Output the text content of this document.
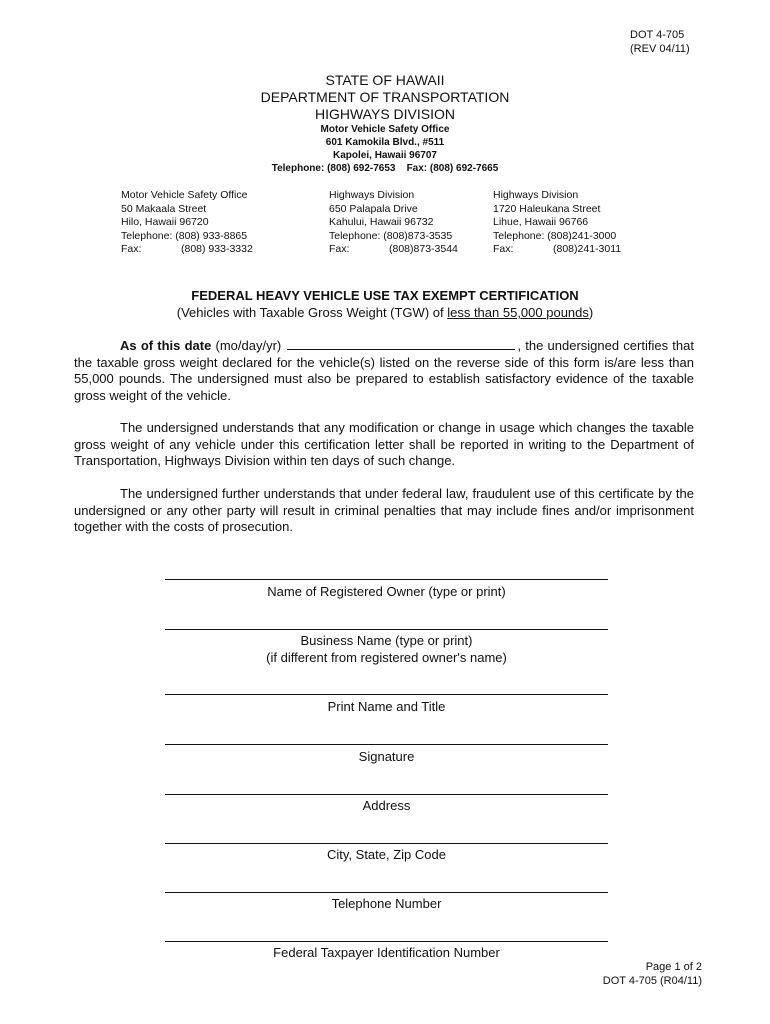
DOT 4-705
(REV 04/11)
STATE OF HAWAII
DEPARTMENT OF TRANSPORTATION
HIGHWAYS DIVISION
Motor Vehicle Safety Office
601 Kamokila Blvd., #511
Kapolei, Hawaii 96707
Telephone: (808) 692-7653    Fax: (808) 692-7665
Motor Vehicle Safety Office
50 Makaala Street
Hilo, Hawaii 96720
Telephone: (808) 933-8865
Fax:	(808) 933-3332
Highways Division
650 Palapala Drive
Kahului, Hawaii 96732
Telephone: (808)873-3535
Fax:	(808)873-3544
Highways Division
1720 Haleukana Street
Lihue, Hawaii 96766
Telephone: (808)241-3000
Fax:	(808)241-3011
FEDERAL HEAVY VEHICLE USE TAX EXEMPT CERTIFICATION
(Vehicles with Taxable Gross Weight (TGW) of less than 55,000 pounds)
As of this date (mo/day/yr)	, the undersigned certifies that the taxable gross weight declared for the vehicle(s) listed on the reverse side of this form is/are less than 55,000 pounds. The undersigned must also be prepared to establish satisfactory evidence of the taxable gross weight of the vehicle.
The undersigned understands that any modification or change in usage which changes the taxable gross weight of any vehicle under this certification letter shall be reported in writing to the Department of Transportation, Highways Division within ten days of such change.
The undersigned further understands that under federal law, fraudulent use of this certificate by the undersigned or any other party will result in criminal penalties that may include fines and/or imprisonment together with the costs of prosecution.
Name of Registered Owner (type or print)
Business Name (type or print)
(if different from registered owner's name)
Print Name and Title
Signature
Address
City, State, Zip Code
Telephone Number
Federal Taxpayer Identification Number
Page 1 of 2
DOT 4-705 (R04/11)
